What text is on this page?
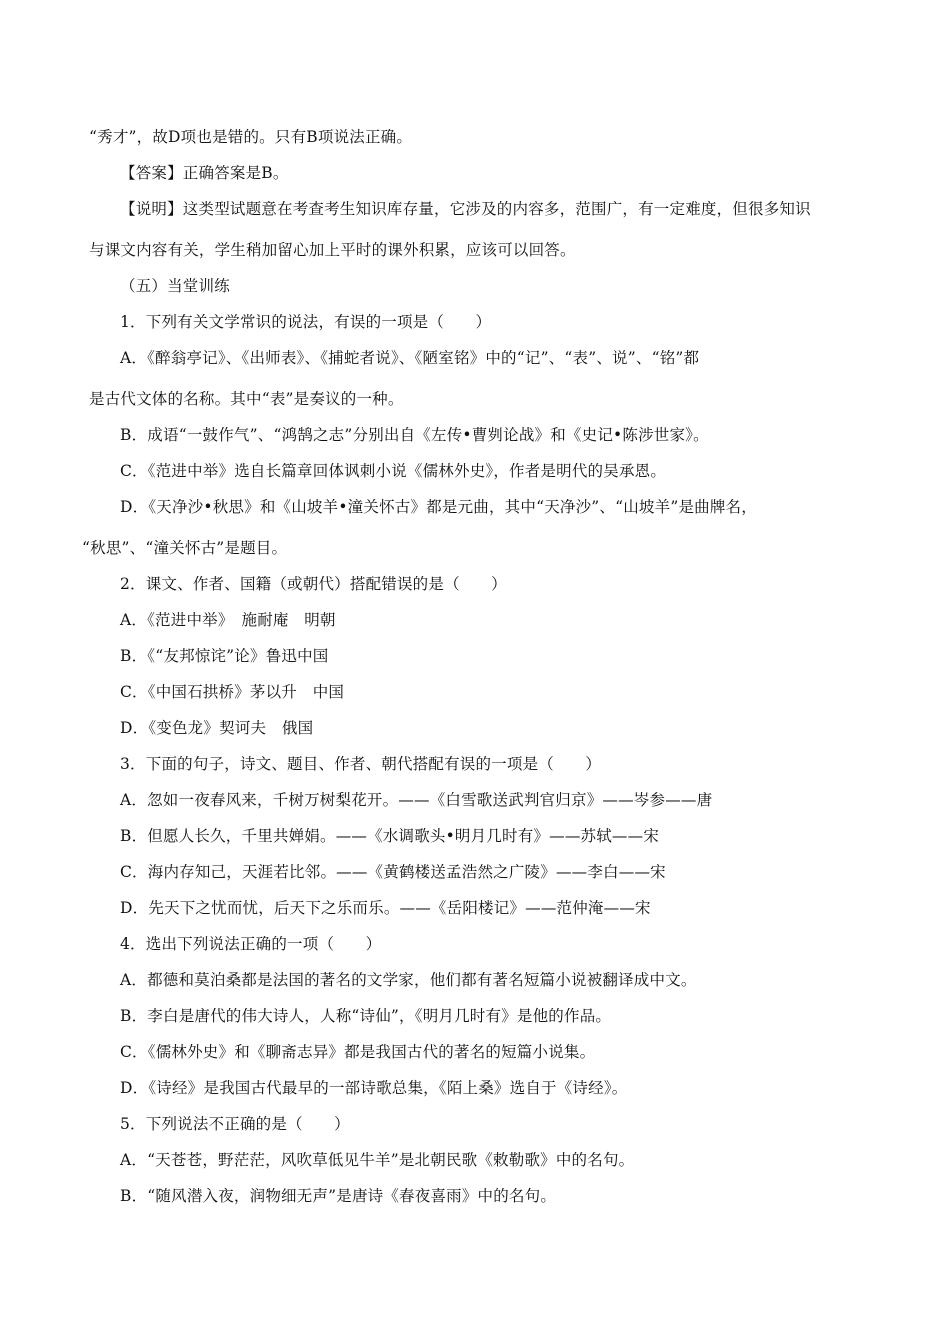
“秀才”，故D项也是错的。只有B项说法正确。
【答案】正确答案是B。
【说明】这类型试题意在考查考生知识库存量，它涉及的内容多，范围广，有一定难度，但很多知识
与课文内容有关，学生稍加留心加上平时的课外积累，应该可以回答。
（五）当堂训练
1．下列有关文学常识的说法，有误的一项是（　　）
A．《醉翁亭记》、《出师表》、《捕蛇者说》、《陋室铭》中的“记”、“表”、说”、“铭”都
是古代文体的名称。其中“表”是奏议的一种。
B．成语“一鼓作气”、“鸿鹄之志”分别出自《左传•曹刿论战》和《史记•陈涉世家》。
C．《范进中举》选自长篇章回体讽刺小说《儒林外史》，作者是明代的吴承恩。
D．《天净沙•秋思》和《山坡羊•潼关怀古》都是元曲，其中“天净沙”、“山坡羊”是曲牌名，
“秋思”、“潼关怀古”是题目。
2．课文、作者、国籍（或朝代）搭配错误的是（　　）
A．《范进中举》　施耐庵　明朝
B．《“友邦惊诧”论》鲁迅中国
C．《中国石拱桥》茅以升　中国
D．《变色龙》契诃夫　俄国
3．下面的句子，诗文、题目、作者、朝代搭配有误的一项是（　　）
A．忽如一夜春风来，千树万树梨花开。——《白雪歌送武判官归京》——岑参——唐
B．但愿人长久，千里共婵娟。——《水调歌头•明月几时有》——苏轼——宋
C．海内存知己，天涯若比邻。——《黄鹤楼送孟浩然之广陵》——李白——宋
D．先天下之忧而忧，后天下之乐而乐。——《岳阳楼记》——范仲淹——宋
4．选出下列说法正确的一项（　　）
A．都德和莫泊桑都是法国的著名的文学家，他们都有著名短篇小说被翻译成中文。
B．李白是唐代的伟大诗人，人称“诗仙”，《明月几时有》是他的作品。
C．《儒林外史》和《聊斋志异》都是我国古代的著名的短篇小说集。
D．《诗经》是我国古代最早的一部诗歌总集，《陌上桑》选自于《诗经》。
5．下列说法不正确的是（　　）
A．“天苍苍，野茫茫，风吹草低见牛羊”是北朝民歌《敕勒歌》中的名句。
B．“随风潜入夜，润物细无声”是唐诗《春夜喜雨》中的名句。
